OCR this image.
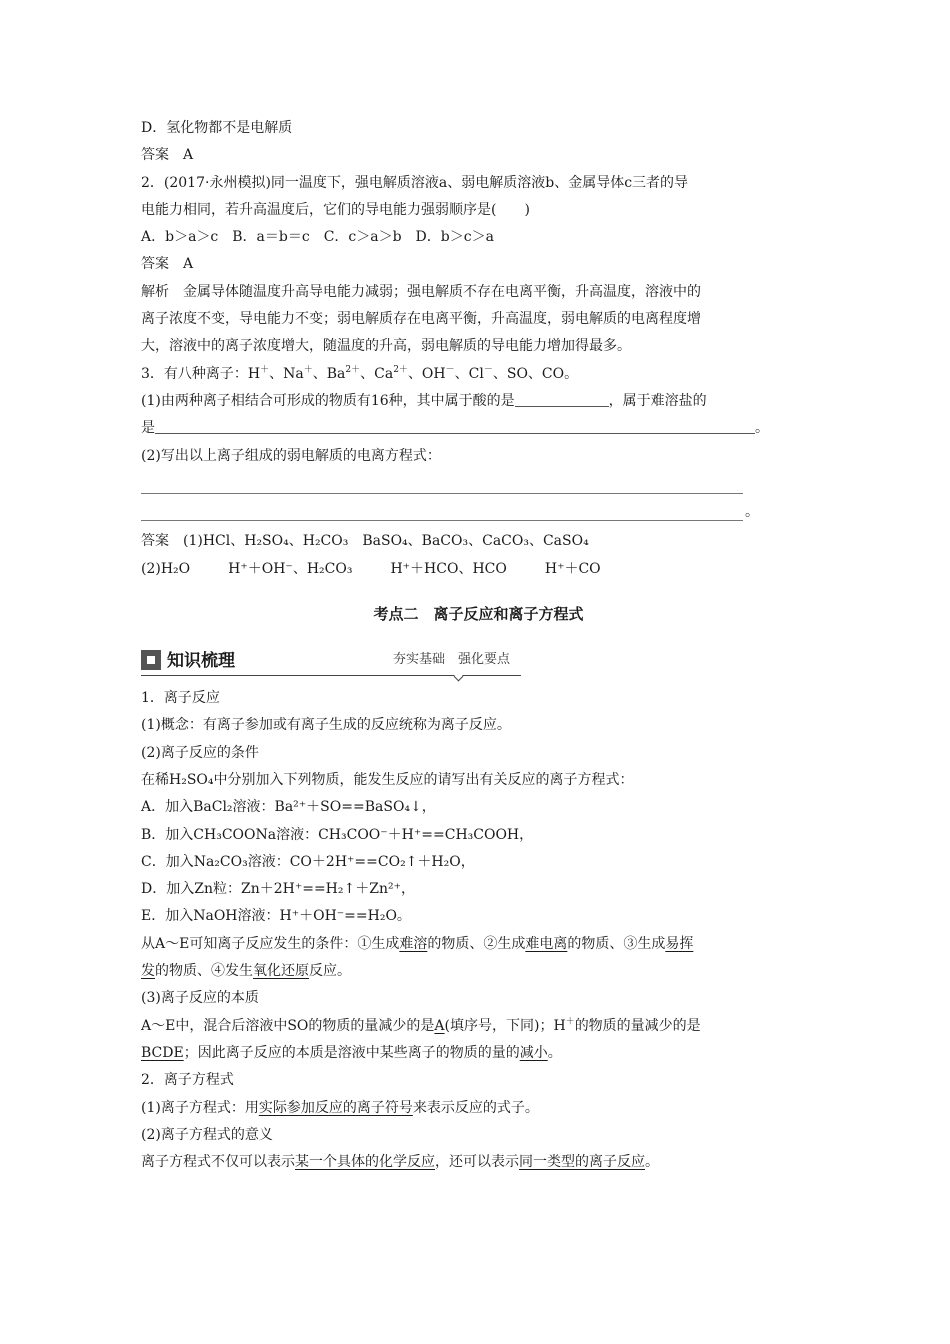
D．氢化物都不是电解质
答案　A
2．(2017·永州模拟)同一温度下，强电解质溶液a、弱电解质溶液b、金属导体c三者的导
电能力相同，若升高温度后，它们的导电能力强弱顺序是(　　)
A．b＞a＞c　B．a＝b＝c　C．c＞a＞b　D．b＞c＞a
答案　A
解析　金属导体随温度升高导电能力减弱；强电解质不存在电离平衡，升高温度，溶液中的
离子浓度不变，导电能力不变；弱电解质存在电离平衡，升高温度，弱电解质的电离程度增
大，溶液中的离子浓度增大，随温度的升高，弱电解质的导电能力增加得最多。
3．有八种离子：H＋、Na＋、$Ba^{2+}$、$Ca^{2+}$、OH－、Cl－、SO、CO。
(1)由两种离子相结合可形成的物质有16种，其中属于酸的是	，属于难溶盐的
是	。
(2)写出以上离子组成的弱电解质的电离方程式：
。
答案　(1)HCl、H₂SO₄、H₂CO₃　BaSO₄、BaCO₃、CaCO₃、CaSO₄
(2)H₂O	H⁺＋OH⁻、H₂CO₃	H⁺＋HCO、HCO	H⁺＋CO
考点二　离子反应和离子方程式
知识梳理	夯实基础　强化要点
1．离子反应
(1)概念：有离子参加或有离子生成的反应统称为离子反应。
(2)离子反应的条件
在稀H₂SO₄中分别加入下列物质，能发生反应的请写出有关反应的离子方程式：
A．加入BaCl₂溶液：Ba²⁺＋SO==BaSO₄↓，
B．加入CH₃COONa溶液：CH₃COO⁻＋H⁺==CH₃COOH，
C．加入Na₂CO₃溶液：CO＋2H⁺==CO₂↑＋H₂O，
D．加入Zn粒：Zn＋2H⁺==H₂↑＋Zn²⁺，
E．加入NaOH溶液：H⁺＋OH⁻==H₂O。
从A～E可知离子反应发生的条件：①生成难溶的物质、②生成难电离的物质、③生成易挥
发的物质、④发生氧化还原反应。
(3)离子反应的本质
A～E中，混合后溶液中SO的物质的量减少的是A(填序号，下同)；H＋的物质的量减少的是
BCDE；因此离子反应的本质是溶液中某些离子的物质的量的减小。
2．离子方程式
(1)离子方程式：用实际参加反应的离子符号来表示反应的式子。
(2)离子方程式的意义
离子方程式不仅可以表示某一个具体的化学反应，还可以表示同一类型的离子反应。
